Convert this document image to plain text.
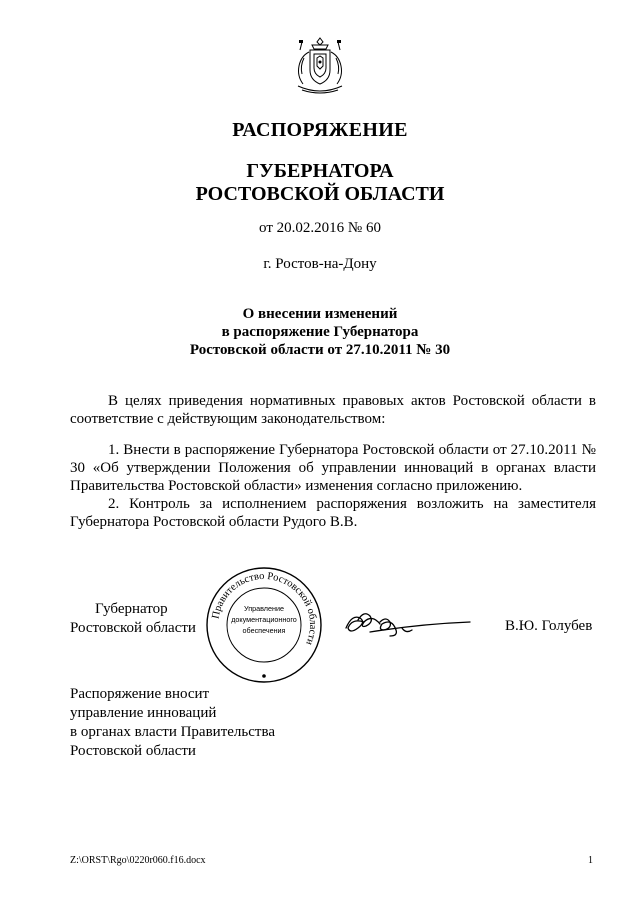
РАСПОРЯЖЕНИЕ
ГУБЕРНАТОРА
РОСТОВСКОЙ ОБЛАСТИ
от 20.02.2016 № 60
г. Ростов-на-Дону
О внесении изменений
в распоряжение Губернатора
Ростовской области от 27.10.2011 № 30

В целях приведения нормативных правовых актов Ростовской области в соответствие с действующим законодательством:

1. Внести в распоряжение Губернатора Ростовской области от 27.10.2011 № 30 «Об утверждении Положения об управлении инноваций в органах власти Правительства Ростовской области» изменения согласно приложению.

2. Контроль за исполнением распоряжения возложить на заместителя Губернатора Ростовской области Рудого В.В.

Губернатор
Ростовской области
Правительство Ростовской области
Управление
документационного
обеспечения	В.Ю. Голубев
Распоряжение вносит
управление инноваций
в органах власти Правительства
Ростовской области
Z:\ORST\Rgo\0220r060.f16.docx	1
